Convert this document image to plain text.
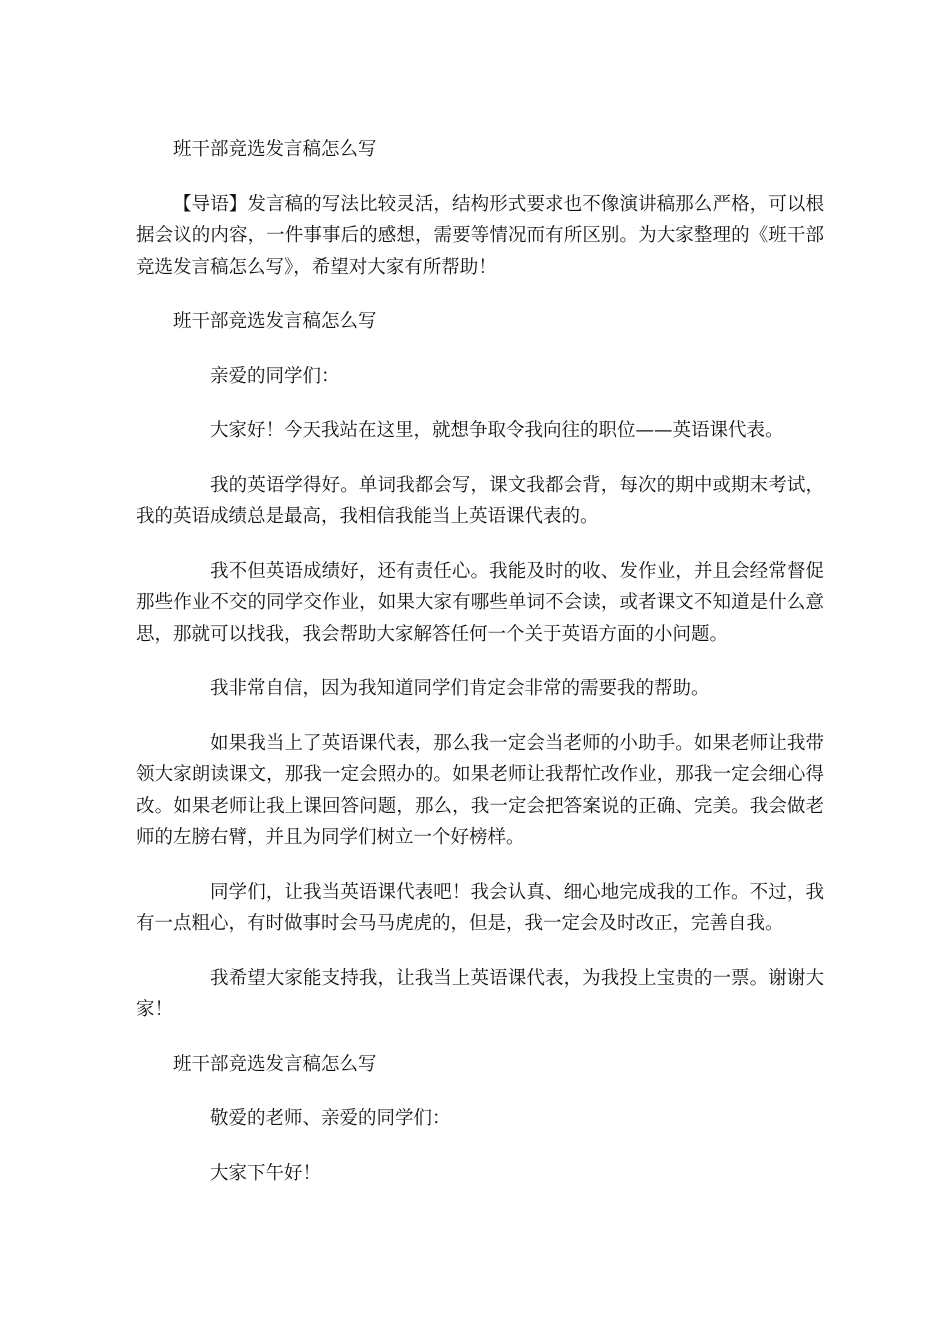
班干部竞选发言稿怎么写

【导语】发言稿的写法比较灵活，结构形式要求也不像演讲稿那么严格，可以根据会议的内容，一件事事后的感想，需要等情况而有所区别。为大家整理的《班干部竞选发言稿怎么写》，希望对大家有所帮助！

班干部竞选发言稿怎么写

亲爱的同学们：

大家好！今天我站在这里，就想争取令我向往的职位——英语课代表。

我的英语学得好。单词我都会写，课文我都会背，每次的期中或期末考试，我的英语成绩总是最高，我相信我能当上英语课代表的。

我不但英语成绩好，还有责任心。我能及时的收、发作业，并且会经常督促那些作业不交的同学交作业，如果大家有哪些单词不会读，或者课文不知道是什么意思，那就可以找我，我会帮助大家解答任何一个关于英语方面的小问题。

我非常自信，因为我知道同学们肯定会非常的需要我的帮助。

如果我当上了英语课代表，那么我一定会当老师的小助手。如果老师让我带领大家朗读课文，那我一定会照办的。如果老师让我帮忙改作业，那我一定会细心得改。如果老师让我上课回答问题，那么，我一定会把答案说的正确、完美。我会做老师的左膀右臂，并且为同学们树立一个好榜样。

同学们，让我当英语课代表吧！我会认真、细心地完成我的工作。不过，我有一点粗心，有时做事时会马马虎虎的，但是，我一定会及时改正，完善自我。

我希望大家能支持我，让我当上英语课代表，为我投上宝贵的一票。谢谢大家！

班干部竞选发言稿怎么写

敬爱的老师、亲爱的同学们：

大家下午好！
